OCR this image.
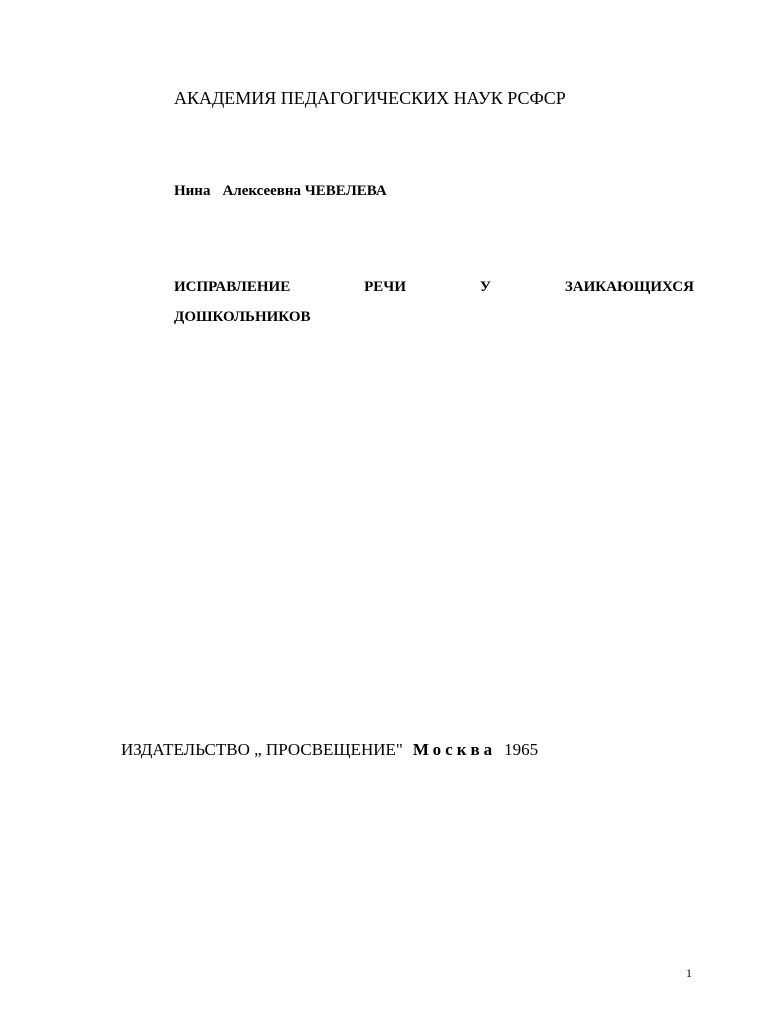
АКАДЕМИЯ ПЕДАГОГИЧЕСКИХ НАУК РСФСР
Нина Алексеевна ЧЕВЕЛЕВА
ИСПРАВЛЕНИЕ	РЕЧИ	У	ЗАИКАЮЩИХСЯ
ДОШКОЛЬНИКОВ
ИЗДАТЕЛЬСТВО „ ПРОСВЕЩЕНИЕ" Москва 1965
1
